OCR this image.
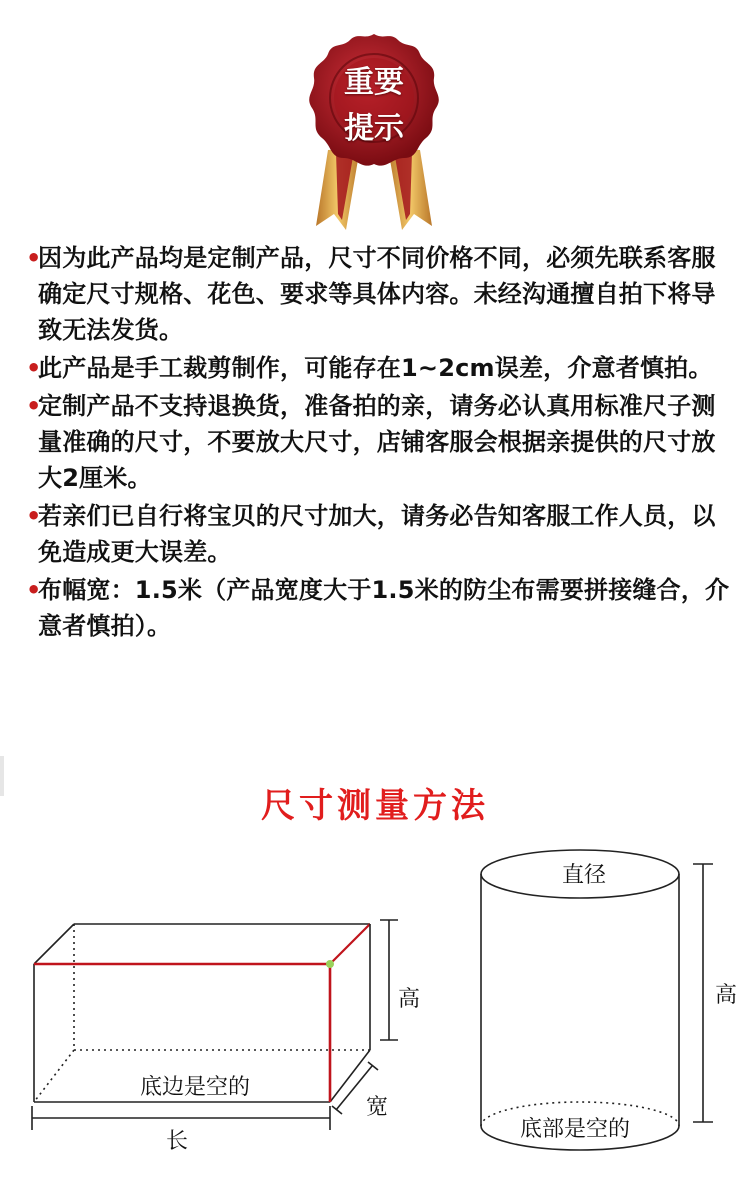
重要
提示
•
因为此产品均是定制产品，尺寸不同价格不同，必须先联系客服确定尺寸规格、花色、要求等具体内容。未经沟通擅自拍下将导致无法发货。
•
此产品是手工裁剪制作，可能存在1~2cm误差，介意者慎拍。
•
定制产品不支持退换货，准备拍的亲，请务必认真用标准尺子测量准确的尺寸，不要放大尺寸，店铺客服会根据亲提供的尺寸放大2厘米。
•
若亲们已自行将宝贝的尺寸加大，请务必告知客服工作人员，以免造成更大误差。
•
布幅宽：1.5米（产品宽度大于1.5米的防尘布需要拼接缝合，介意者慎拍）。
尺寸测量方法
高
底边是空的
宽
长
直径
高
底部是空的
